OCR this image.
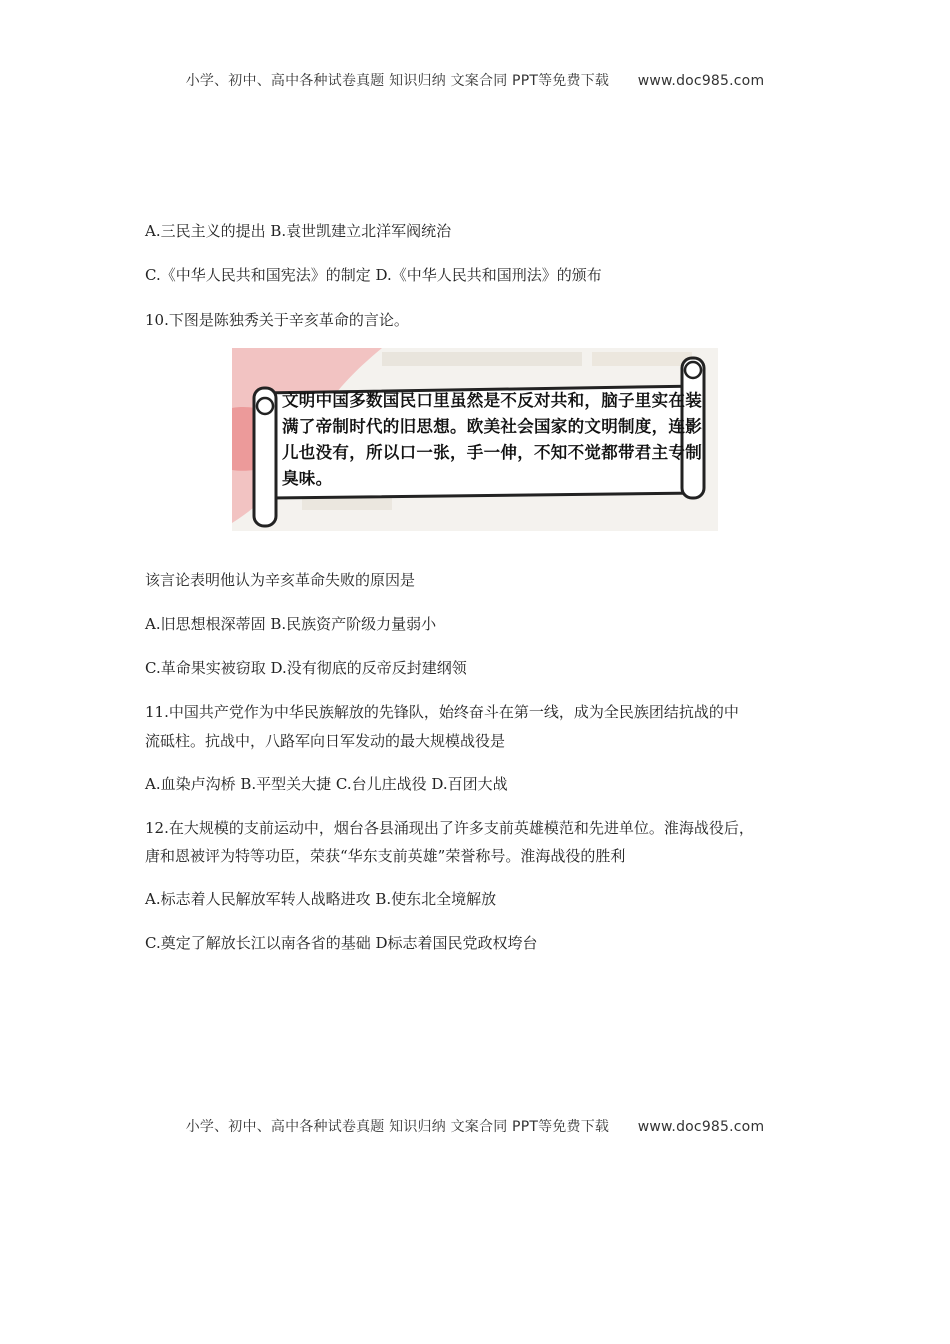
小学、初中、高中各种试卷真题 知识归纳 文案合同 PPT等免费下载 www.doc985.com
A.三民主义的提出 B.袁世凯建立北洋军阀统治
C.《中华人民共和国宪法》的制定 D.《中华人民共和国刑法》的颁布
10.下图是陈独秀关于辛亥革命的言论。
文明中国多数国民口里虽然是不反对共和，脑子里实在装满了帝制时代的旧思想。欧美社会国家的文明制度，连影儿也没有，所以口一张，手一伸，不知不觉都带君主专制臭味。
该言论表明他认为辛亥革命失败的原因是
A.旧思想根深蒂固 B.民族资产阶级力量弱小
C.革命果实被窃取 D.没有彻底的反帝反封建纲领
11.中国共产党作为中华民族解放的先锋队，始终奋斗在第一线，成为全民族团结抗战的中
流砥柱。抗战中，八路军向日军发动的最大规模战役是
A.血染卢沟桥 B.平型关大捷 C.台儿庄战役 D.百团大战
12.在大规模的支前运动中，烟台各县涌现出了许多支前英雄模范和先进单位。淮海战役后，
唐和恩被评为特等功臣，荣获“华东支前英雄”荣誉称号。淮海战役的胜利
A.标志着人民解放军转人战略进攻 B.使东北全境解放
C.奠定了解放长江以南各省的基础 D标志着国民党政权垮台
小学、初中、高中各种试卷真题 知识归纳 文案合同 PPT等免费下载 www.doc985.com
